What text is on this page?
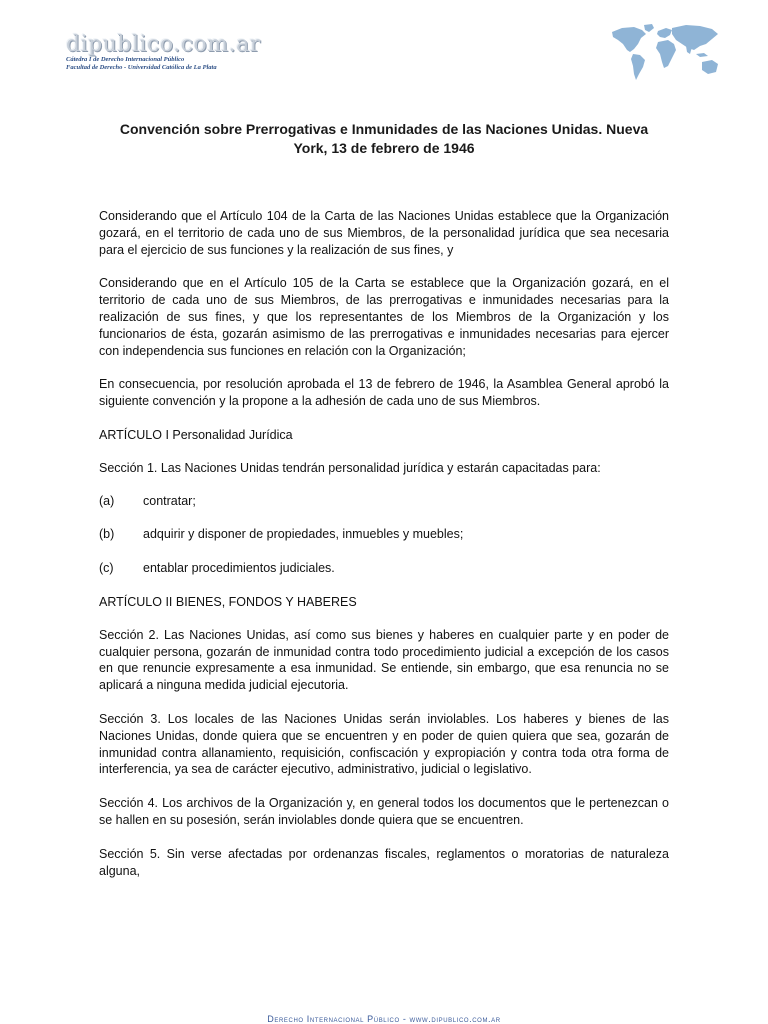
dipublico.com.ar
Cátedra I de Derecho Internacional Público
Facultad de Derecho - Universidad Católica de La Plata
Convención sobre Prerrogativas e Inmunidades de las Naciones Unidas. Nueva
York, 13 de febrero de 1946

Considerando que el Artículo 104 de la Carta de las Naciones Unidas establece que la Organización gozará, en el territorio de cada uno de sus Miembros, de la personalidad jurídica que sea necesaria para el ejercicio de sus funciones y la realización de sus fines, y

Considerando que en el Artículo 105 de la Carta se establece que la Organización gozará, en el territorio de cada uno de sus Miembros, de las prerrogativas e inmunidades necesarias para la realización de sus fines, y que los representantes de los Miembros de la Organización y los funcionarios de ésta, gozarán asimismo de las prerrogativas e inmunidades necesarias para ejercer con independencia sus funciones en relación con la Organización;

En consecuencia, por resolución aprobada el 13 de febrero de 1946, la Asamblea General aprobó la siguiente convención y la propone a la adhesión de cada uno de sus Miembros.

ARTÍCULO I Personalidad Jurídica

Sección 1. Las Naciones Unidas tendrán personalidad jurídica y estarán capacitadas para:

(a)	contratar;
(b)	adquirir y disponer de propiedades, inmuebles y muebles;
(c)	entablar procedimientos judiciales.

ARTÍCULO II BIENES, FONDOS Y HABERES

Sección 2. Las Naciones Unidas, así como sus bienes y haberes en cualquier parte y en poder de cualquier persona, gozarán de inmunidad contra todo procedimiento judicial a excepción de los casos en que renuncie expresamente a esa inmunidad. Se entiende, sin embargo, que esa renuncia no se aplicará a ninguna medida judicial ejecutoria.

Sección 3. Los locales de las Naciones Unidas serán inviolables. Los haberes y bienes de las Naciones Unidas, donde quiera que se encuentren y en poder de quien quiera que sea, gozarán de inmunidad contra allanamiento, requisición, confiscación y expropiación y contra toda otra forma de interferencia, ya sea de carácter ejecutivo, administrativo, judicial o legislativo.

Sección 4. Los archivos de la Organización y, en general todos los documentos que le pertenezcan o se hallen en su posesión, serán inviolables donde quiera que se encuentren.

Sección 5. Sin verse afectadas por ordenanzas fiscales, reglamentos o moratorias de naturaleza alguna,

Derecho Internacional Público - www.dipublico.com.ar
